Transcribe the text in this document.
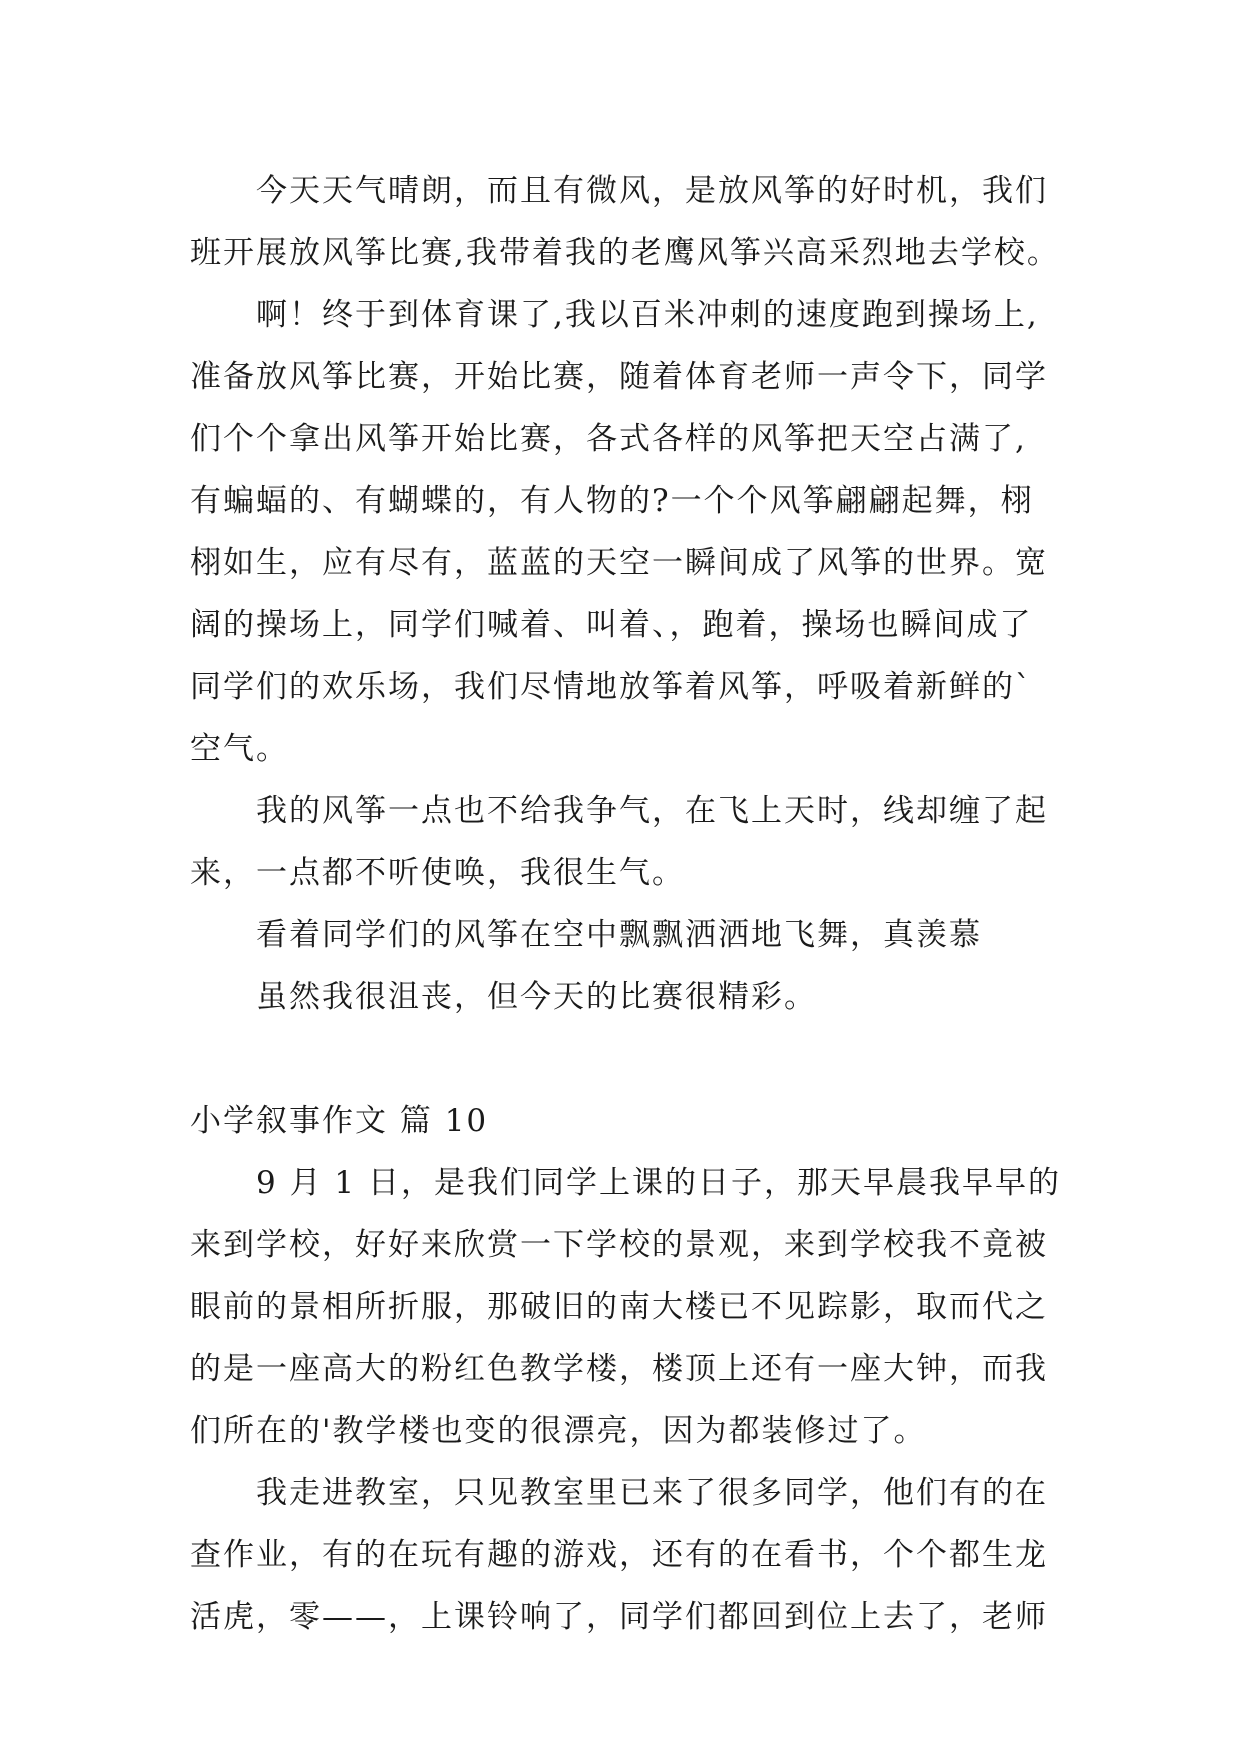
今天天气晴朗，而且有微风，是放风筝的好时机，我们
班开展放风筝比赛,我带着我的老鹰风筝兴高采烈地去学校。
啊！终于到体育课了,我以百米冲刺的速度跑到操场上,
准备放风筝比赛，开始比赛，随着体育老师一声令下，同学
们个个拿出风筝开始比赛，各式各样的风筝把天空占满了,
有蝙蝠的、有蝴蝶的，有人物的?一个个风筝翩翩起舞，栩
栩如生，应有尽有，蓝蓝的天空一瞬间成了风筝的世界。宽
阔的操场上，同学们喊着、叫着、，跑着，操场也瞬间成了
同学们的欢乐场，我们尽情地放筝着风筝，呼吸着新鲜的`
空气。
我的风筝一点也不给我争气，在飞上天时，线却缠了起
来，一点都不听使唤，我很生气。
看着同学们的风筝在空中飘飘洒洒地飞舞，真羡慕
虽然我很沮丧，但今天的比赛很精彩。
小学叙事作文 篇 10
9 月 1 日，是我们同学上课的日子，那天早晨我早早的
来到学校，好好来欣赏一下学校的景观，来到学校我不竟被
眼前的景相所折服，那破旧的南大楼已不见踪影，取而代之
的是一座高大的粉红色教学楼，楼顶上还有一座大钟，而我
们所在的'教学楼也变的很漂亮，因为都装修过了。
我走进教室，只见教室里已来了很多同学，他们有的在
查作业，有的在玩有趣的游戏，还有的在看书，个个都生龙
活虎，零——，上课铃响了，同学们都回到位上去了，老师
